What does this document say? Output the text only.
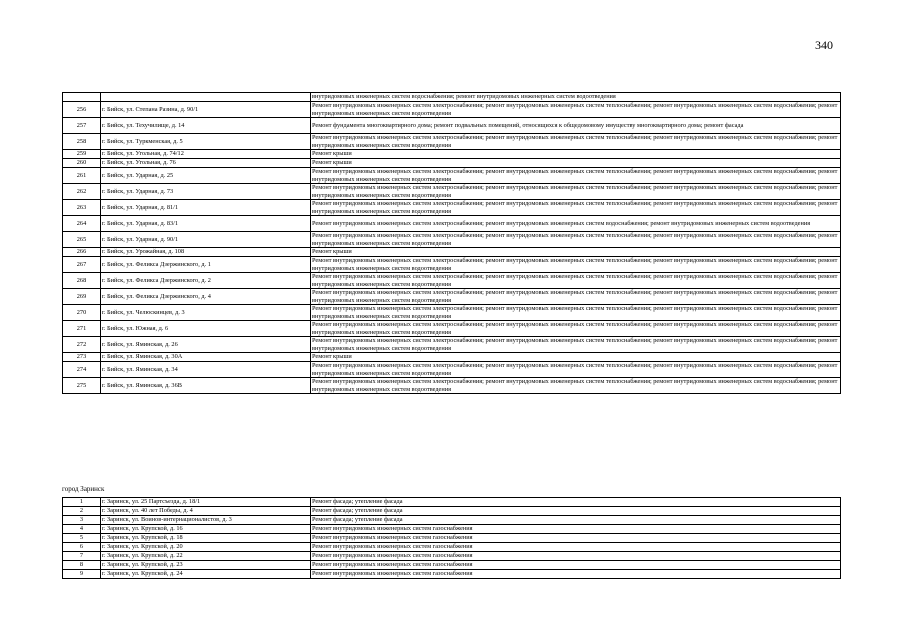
340
		внутридомовых инженерных систем водоснабжения; ремонт внутридомовых инженерных систем водоотведения
256	г. Бийск, ул. Степана Разина, д. 90/1	Ремонт внутридомовых инженерных систем электроснабжения; ремонт внутридомовых инженерных систем теплоснабжения; ремонт внутридомовых инженерных систем водоснабжения; ремонт внутридомовых инженерных систем водоотведения
257	г. Бийск, ул. Техучилище, д. 14	Ремонт фундамента многоквартирного дома; ремонт подвальных помещений, относящихся к общедомовому имуществу многоквартирного дома; ремонт фасада
258	г. Бийск, ул. Туркменская, д. 5	Ремонт внутридомовых инженерных систем электроснабжения; ремонт внутридомовых инженерных систем теплоснабжения; ремонт внутридомовых инженерных систем водоснабжения; ремонт внутридомовых инженерных систем водоотведения
259	г. Бийск, ул. Угольная, д. 74/12	Ремонт крыши
260	г. Бийск, ул. Угольная, д. 76	Ремонт крыши
261	г. Бийск, ул. Ударная, д. 25	Ремонт внутридомовых инженерных систем электроснабжения; ремонт внутридомовых инженерных систем теплоснабжения; ремонт внутридомовых инженерных систем водоснабжения; ремонт внутридомовых инженерных систем водоотведения
262	г. Бийск, ул. Ударная, д. 73	Ремонт внутридомовых инженерных систем электроснабжения; ремонт внутридомовых инженерных систем теплоснабжения; ремонт внутридомовых инженерных систем водоснабжения; ремонт внутридомовых инженерных систем водоотведения
263	г. Бийск, ул. Ударная, д. 81/1	Ремонт внутридомовых инженерных систем электроснабжения; ремонт внутридомовых инженерных систем теплоснабжения; ремонт внутридомовых инженерных систем водоснабжения; ремонт внутридомовых инженерных систем водоотведения
264	г. Бийск, ул. Ударная, д. 83/1	Ремонт внутридомовых инженерных систем электроснабжения; ремонт внутридомовых инженерных систем водоснабжения; ремонт внутридомовых инженерных систем водоотведения
265	г. Бийск, ул. Ударная, д. 90/1	Ремонт внутридомовых инженерных систем электроснабжения; ремонт внутридомовых инженерных систем теплоснабжения; ремонт внутридомовых инженерных систем водоснабжения; ремонт внутридомовых инженерных систем водоотведения
266	г. Бийск, ул. Урожайная, д. 108	Ремонт крыши
267	г. Бийск, ул. Феликса Дзержинского, д. 1	Ремонт внутридомовых инженерных систем электроснабжения; ремонт внутридомовых инженерных систем теплоснабжения; ремонт внутридомовых инженерных систем водоснабжения; ремонт внутридомовых инженерных систем водоотведения
268	г. Бийск, ул. Феликса Дзержинского, д. 2	Ремонт внутридомовых инженерных систем электроснабжения; ремонт внутридомовых инженерных систем теплоснабжения; ремонт внутридомовых инженерных систем водоснабжения; ремонт внутридомовых инженерных систем водоотведения
269	г. Бийск, ул. Феликса Дзержинского, д. 4	Ремонт внутридомовых инженерных систем электроснабжения; ремонт внутридомовых инженерных систем теплоснабжения; ремонт внутридомовых инженерных систем водоснабжения; ремонт внутридомовых инженерных систем водоотведения
270	г. Бийск, ул. Челюскинцев, д. 3	Ремонт внутридомовых инженерных систем электроснабжения; ремонт внутридомовых инженерных систем теплоснабжения; ремонт внутридомовых инженерных систем водоснабжения; ремонт внутридомовых инженерных систем водоотведения
271	г. Бийск, ул. Южная, д. 6	Ремонт внутридомовых инженерных систем электроснабжения; ремонт внутридомовых инженерных систем теплоснабжения; ремонт внутридомовых инженерных систем водоснабжения; ремонт внутридомовых инженерных систем водоотведения
272	г. Бийск, ул. Яминская, д. 26	Ремонт внутридомовых инженерных систем электроснабжения; ремонт внутридомовых инженерных систем теплоснабжения; ремонт внутридомовых инженерных систем водоснабжения; ремонт внутридомовых инженерных систем водоотведения
273	г. Бийск, ул. Яминская, д. 30А	Ремонт крыши
274	г. Бийск, ул. Яминская, д. 34	Ремонт внутридомовых инженерных систем электроснабжения; ремонт внутридомовых инженерных систем теплоснабжения; ремонт внутридомовых инженерных систем водоснабжения; ремонт внутридомовых инженерных систем водоотведения
275	г. Бийск, ул. Яминская, д. 36В	Ремонт внутридомовых инженерных систем электроснабжения; ремонт внутридомовых инженерных систем теплоснабжения; ремонт внутридомовых инженерных систем водоснабжения; ремонт внутридомовых инженерных систем водоотведения
1	г. Заринск, ул. 25 Партсъезда, д. 18/1	Ремонт фасада; утепление фасада
2	г. Заринск, ул. 40 лет Победы, д. 4	Ремонт фасада; утепление фасада
3	г. Заринск, ул. Воинов-интернационалистов, д. 3	Ремонт фасада; утепление фасада
4	г. Заринск, ул. Крупской, д. 16	Ремонт внутридомовых инженерных систем газоснабжения
5	г. Заринск, ул. Крупской, д. 18	Ремонт внутридомовых инженерных систем газоснабжения
6	г. Заринск, ул. Крупской, д. 20	Ремонт внутридомовых инженерных систем газоснабжения
7	г. Заринск, ул. Крупской, д. 22	Ремонт внутридомовых инженерных систем газоснабжения
8	г. Заринск, ул. Крупской, д. 23	Ремонт внутридомовых инженерных систем газоснабжения
9	г. Заринск, ул. Крупской, д. 24	Ремонт внутридомовых инженерных систем газоснабжения
город Заринск
